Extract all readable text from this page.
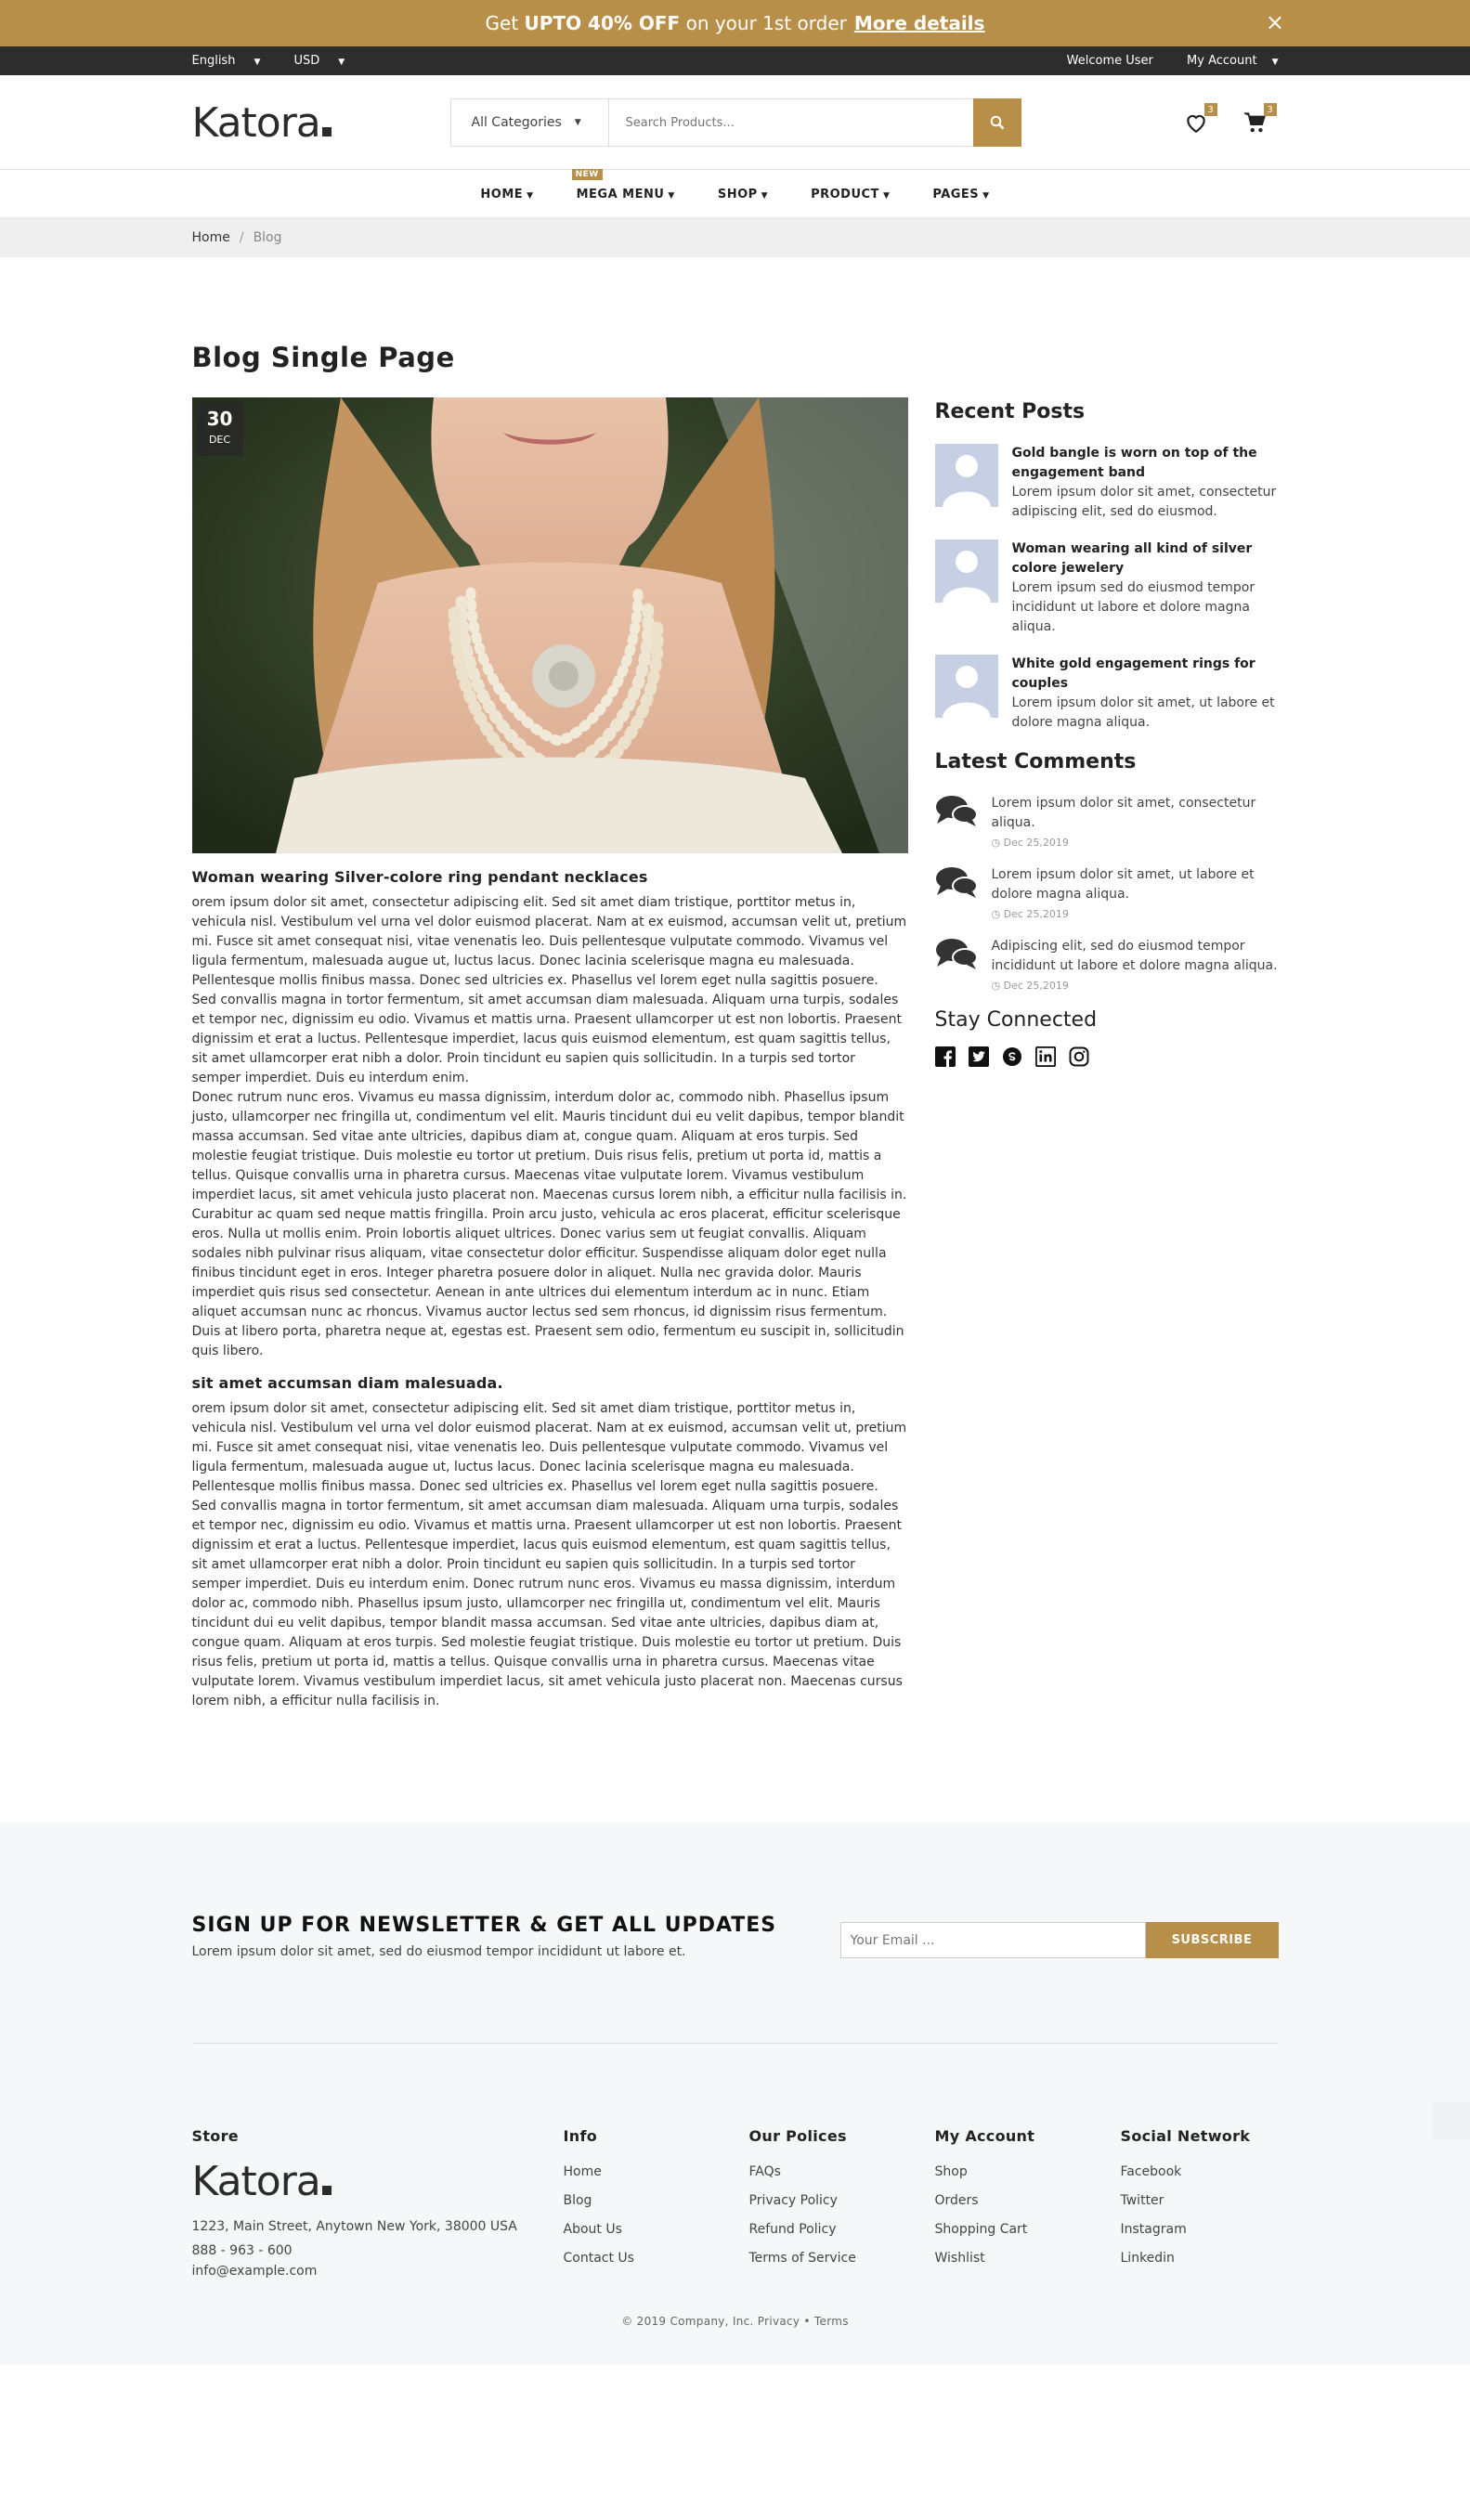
Get
UPTO 40% OFF
on your 1st order More details	×
English ▼	USD ▼	Welcome User	My Account ▼
Katora	All Categories ▼
Search Products...
3	3
HOME ▼
NEW
MEGA MENU ▼	SHOP ▼	PRODUCT ▼	PAGES ▼
Home / Blog
Blog Single Page
30
DEC
Woman wearing Silver-colore ring pendant necklaces

orem ipsum dolor sit amet, consectetur adipiscing elit. Sed sit amet diam tristique, porttitor metus in, vehicula nisl. Vestibulum vel urna vel dolor euismod placerat. Nam at ex euismod, accumsan velit ut, pretium mi. Fusce sit amet consequat nisi, vitae venenatis leo. Duis pellentesque vulputate commodo. Vivamus vel ligula fermentum, malesuada augue ut, luctus lacus. Donec lacinia scelerisque magna eu malesuada. Pellentesque mollis finibus massa. Donec sed ultricies ex. Phasellus vel lorem eget nulla sagittis posuere.

Sed convallis magna in tortor fermentum, sit amet accumsan diam malesuada. Aliquam urna turpis, sodales et tempor nec, dignissim eu odio. Vivamus et mattis urna. Praesent ullamcorper ut est non lobortis. Praesent dignissim et erat a luctus. Pellentesque imperdiet, lacus quis euismod elementum, est quam sagittis tellus, sit amet ullamcorper erat nibh a dolor. Proin tincidunt eu sapien quis sollicitudin. In a turpis sed tortor semper imperdiet. Duis eu interdum enim.

Donec rutrum nunc eros. Vivamus eu massa dignissim, interdum dolor ac, commodo nibh. Phasellus ipsum justo, ullamcorper nec fringilla ut, condimentum vel elit. Mauris tincidunt dui eu velit dapibus, tempor blandit massa accumsan. Sed vitae ante ultricies, dapibus diam at, congue quam. Aliquam at eros turpis. Sed molestie feugiat tristique. Duis molestie eu tortor ut pretium. Duis risus felis, pretium ut porta id, mattis a tellus. Quisque convallis urna in pharetra cursus. Maecenas vitae vulputate lorem. Vivamus vestibulum imperdiet lacus, sit amet vehicula justo placerat non. Maecenas cursus lorem nibh, a efficitur nulla facilisis in.

Curabitur ac quam sed neque mattis fringilla. Proin arcu justo, vehicula ac eros placerat, efficitur scelerisque eros. Nulla ut mollis enim. Proin lobortis aliquet ultrices. Donec varius sem ut feugiat convallis. Aliquam sodales nibh pulvinar risus aliquam, vitae consectetur dolor efficitur. Suspendisse aliquam dolor eget nulla finibus tincidunt eget in eros. Integer pharetra posuere dolor in aliquet. Nulla nec gravida dolor. Mauris imperdiet quis risus sed consectetur. Aenean in ante ultrices dui elementum interdum ac in nunc. Etiam aliquet accumsan nunc ac rhoncus. Vivamus auctor lectus sed sem rhoncus, id dignissim risus fermentum. Duis at libero porta, pharetra neque at, egestas est. Praesent sem odio, fermentum eu suscipit in, sollicitudin quis libero.

sit amet accumsan diam malesuada.

orem ipsum dolor sit amet, consectetur adipiscing elit. Sed sit amet diam tristique, porttitor metus in, vehicula nisl. Vestibulum vel urna vel dolor euismod placerat. Nam at ex euismod, accumsan velit ut, pretium mi. Fusce sit amet consequat nisi, vitae venenatis leo. Duis pellentesque vulputate commodo. Vivamus vel ligula fermentum, malesuada augue ut, luctus lacus. Donec lacinia scelerisque magna eu malesuada. Pellentesque mollis finibus massa. Donec sed ultricies ex. Phasellus vel lorem eget nulla sagittis posuere.

Sed convallis magna in tortor fermentum, sit amet accumsan diam malesuada. Aliquam urna turpis, sodales et tempor nec, dignissim eu odio. Vivamus et mattis urna. Praesent ullamcorper ut est non lobortis. Praesent dignissim et erat a luctus. Pellentesque imperdiet, lacus quis euismod elementum, est quam sagittis tellus, sit amet ullamcorper erat nibh a dolor. Proin tincidunt eu sapien quis sollicitudin. In a turpis sed tortor semper imperdiet. Duis eu interdum enim. Donec rutrum nunc eros. Vivamus eu massa dignissim, interdum dolor ac, commodo nibh. Phasellus ipsum justo, ullamcorper nec fringilla ut, condimentum vel elit. Mauris tincidunt dui eu velit dapibus, tempor blandit massa accumsan. Sed vitae ante ultricies, dapibus diam at, congue quam. Aliquam at eros turpis. Sed molestie feugiat tristique. Duis molestie eu tortor ut pretium. Duis risus felis, pretium ut porta id, mattis a tellus. Quisque convallis urna in pharetra cursus. Maecenas vitae vulputate lorem. Vivamus vestibulum imperdiet lacus, sit amet vehicula justo placerat non. Maecenas cursus lorem nibh, a efficitur nulla facilisis in.

Recent Posts
Gold bangle is worn on top of the engagement band
Lorem ipsum dolor sit amet, consectetur adipiscing elit, sed do eiusmod.
Woman wearing all kind of silver colore jewelery
Lorem ipsum sed do eiusmod tempor incididunt ut labore et dolore magna aliqua.
White gold engagement rings for couples
Lorem ipsum dolor sit amet, ut labore et dolore magna aliqua.
Latest Comments
Lorem ipsum dolor sit amet, consectetur aliqua.
◷ Dec 25,2019
Lorem ipsum dolor sit amet, ut labore et dolore magna aliqua.
◷ Dec 25,2019
Adipiscing elit, sed do eiusmod tempor incididunt ut labore et dolore magna aliqua.
◷ Dec 25,2019
Stay Connected
SIGN UP FOR NEWSLETTER & GET ALL UPDATES

Lorem ipsum dolor sit amet, sed do eiusmod tempor incididunt ut labore et.

Your Email ...
SUBSCRIBE
Store
Katora
1223, Main Street, Anytown New York, 38000 USA
888 - 963 - 600
info@example.com
Info
Home
Blog
About Us
Contact Us
Our Polices
FAQs
Privacy Policy
Refund Policy
Terms of Service
My Account
Shop
Orders
Shopping Cart
Wishlist
Social Network
Facebook
Twitter
Instagram
Linkedin
© 2019 Company, Inc. Privacy • Terms
